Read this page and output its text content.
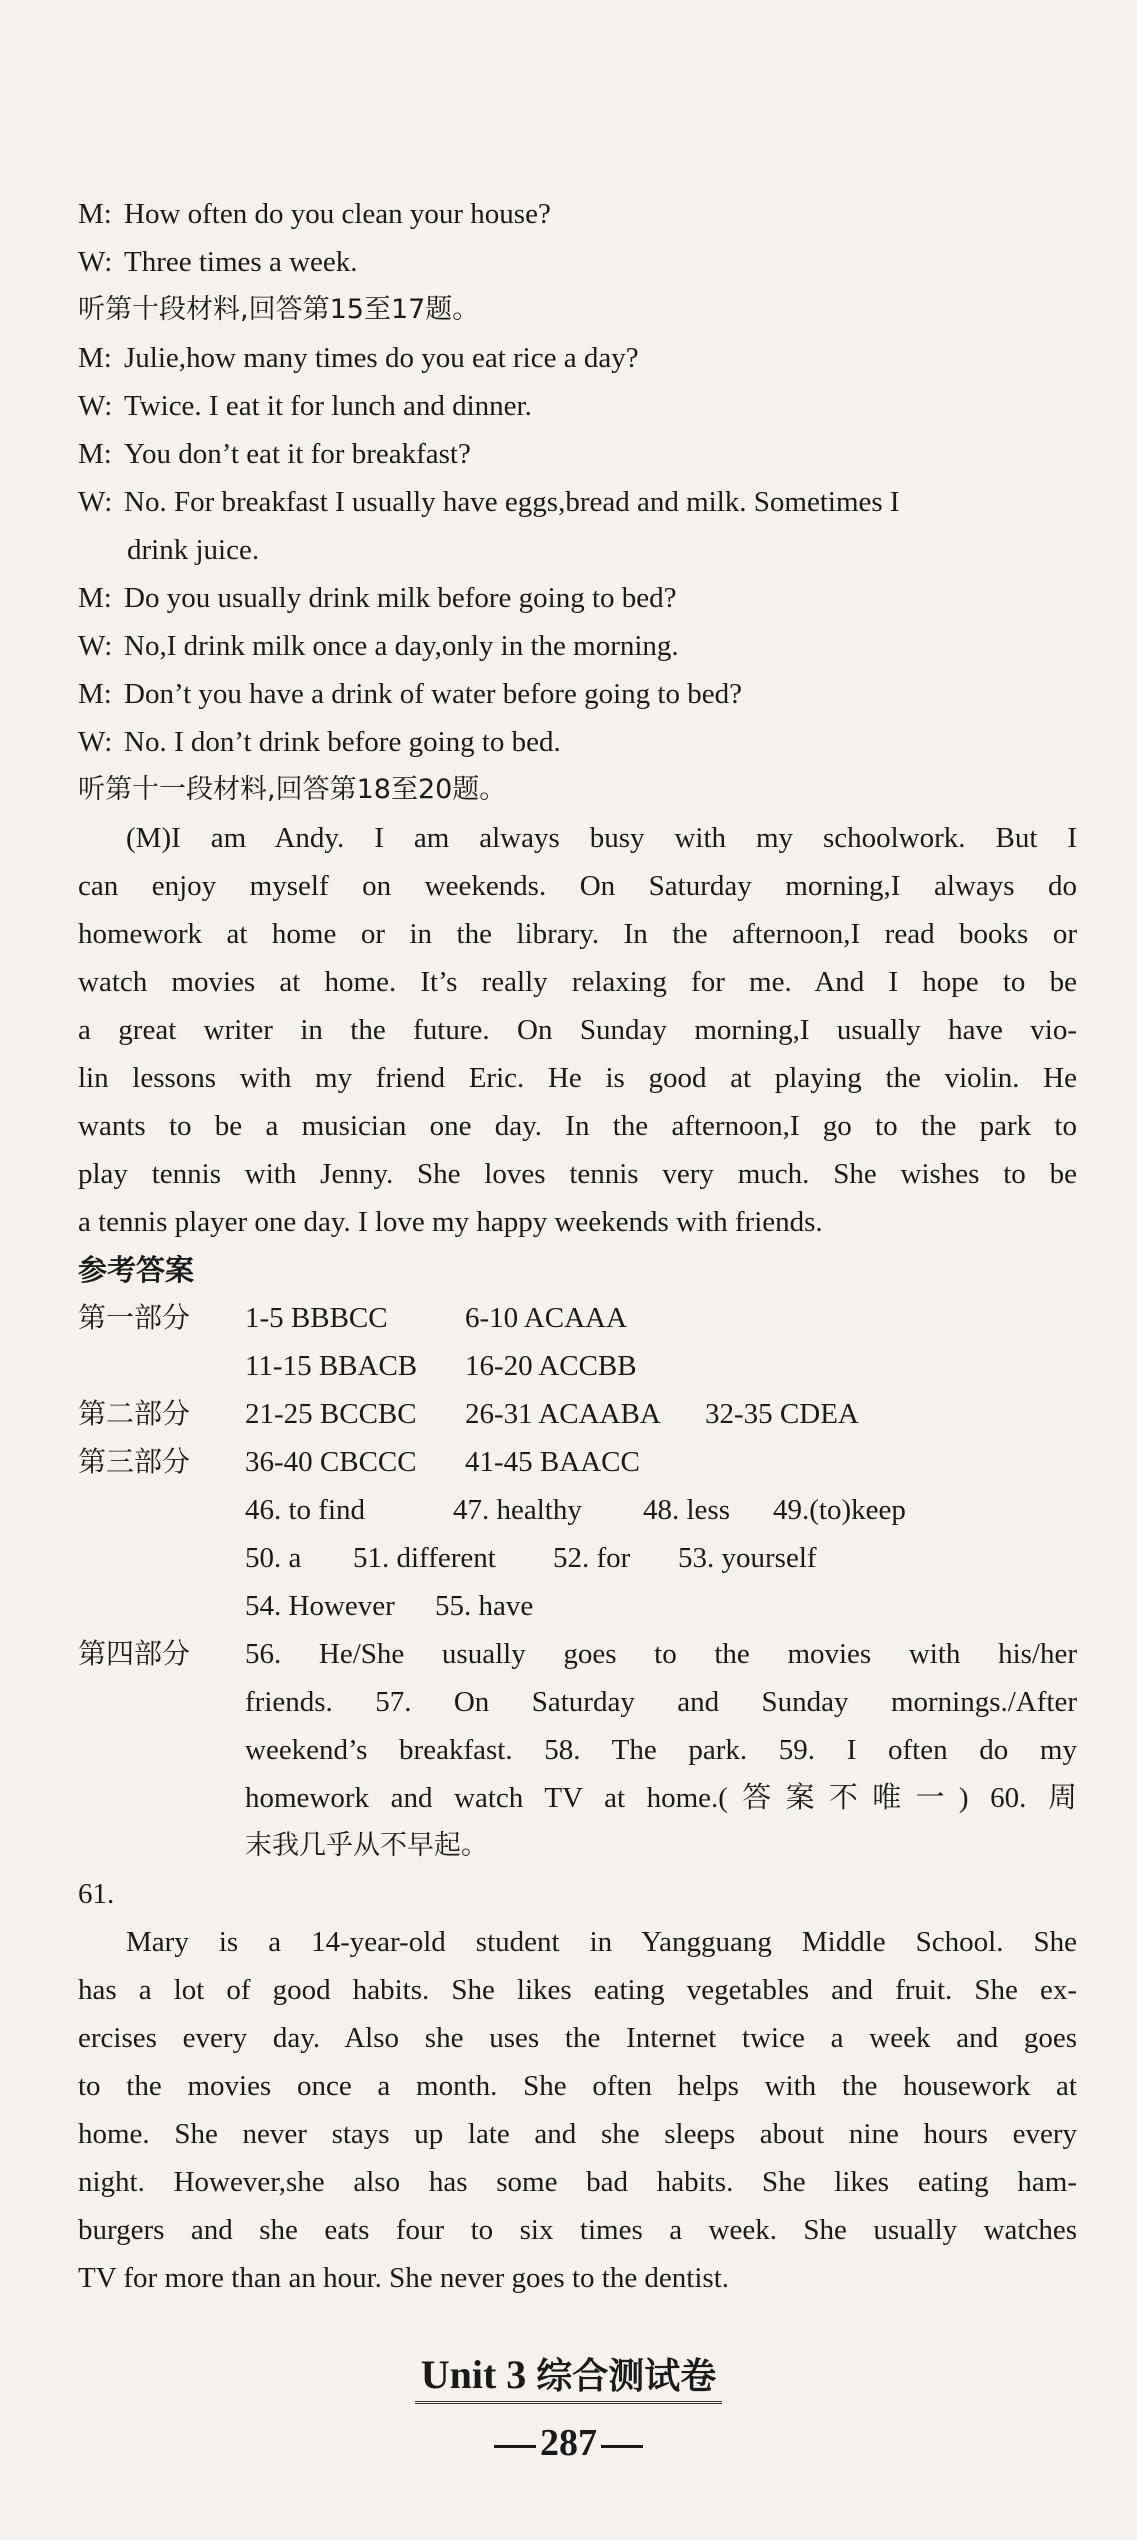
M: How often do you clean your house?
W: Three times a week.
听第十段材料,回答第15至17题。
M: Julie,how many times do you eat rice a day?
W: Twice. I eat it for lunch and dinner.
M: You don’t eat it for breakfast?
W: No. For breakfast I usually have eggs,bread and milk. Sometimes I
drink juice.
M: Do you usually drink milk before going to bed?
W: No,I drink milk once a day,only in the morning.
M: Don’t you have a drink of water before going to bed?
W: No. I don’t drink before going to bed.
听第十一段材料,回答第18至20题。
(M)I am Andy. I am always busy with my schoolwork. But I
can enjoy myself on weekends. On Saturday morning,I always do
homework at home or in the library. In the afternoon,I read books or
watch movies at home. It’s really relaxing for me. And I hope to be
a great writer in the future. On Sunday morning,I usually have vio-
lin lessons with my friend Eric. He is good at playing the violin. He
wants to be a musician one day. In the afternoon,I go to the park to
play tennis with Jenny. She loves tennis very much. She wishes to be
a tennis player one day. I love my happy weekends with friends.
参考答案
第一部分 1-5 BBBCC	6-10 ACAAA
11-15 BBACB 16-20 ACCBB
第二部分 21-25 BCCBC 26-31 ACAABA 32-35 CDEA
第三部分 36-40 CBCCC 41-45 BAACC
46. to find	47. healthy 48. less 49.(to)keep
50. a 51. different 52. for 53. yourself
54. However 55. have
第四部分 56. He/She usually goes to the movies with his/her
friends. 57. On Saturday and Sunday mornings./After
weekend’s breakfast. 58. The park. 59. I often do my
homework and watch TV at home.(答案不唯一) 60. 周
末我几乎从不早起。
61.
Mary is a 14-year-old student in Yangguang Middle School. She
has a lot of good habits. She likes eating vegetables and fruit. She ex-
ercises every day. Also she uses the Internet twice a week and goes
to the movies once a month. She often helps with the housework at
home. She never stays up late and she sleeps about nine hours every
night. However,she also has some bad habits. She likes eating ham-
burgers and she eats four to six times a week. She usually watches
TV for more than an hour. She never goes to the dentist.
Unit 3 综合测试卷
287
